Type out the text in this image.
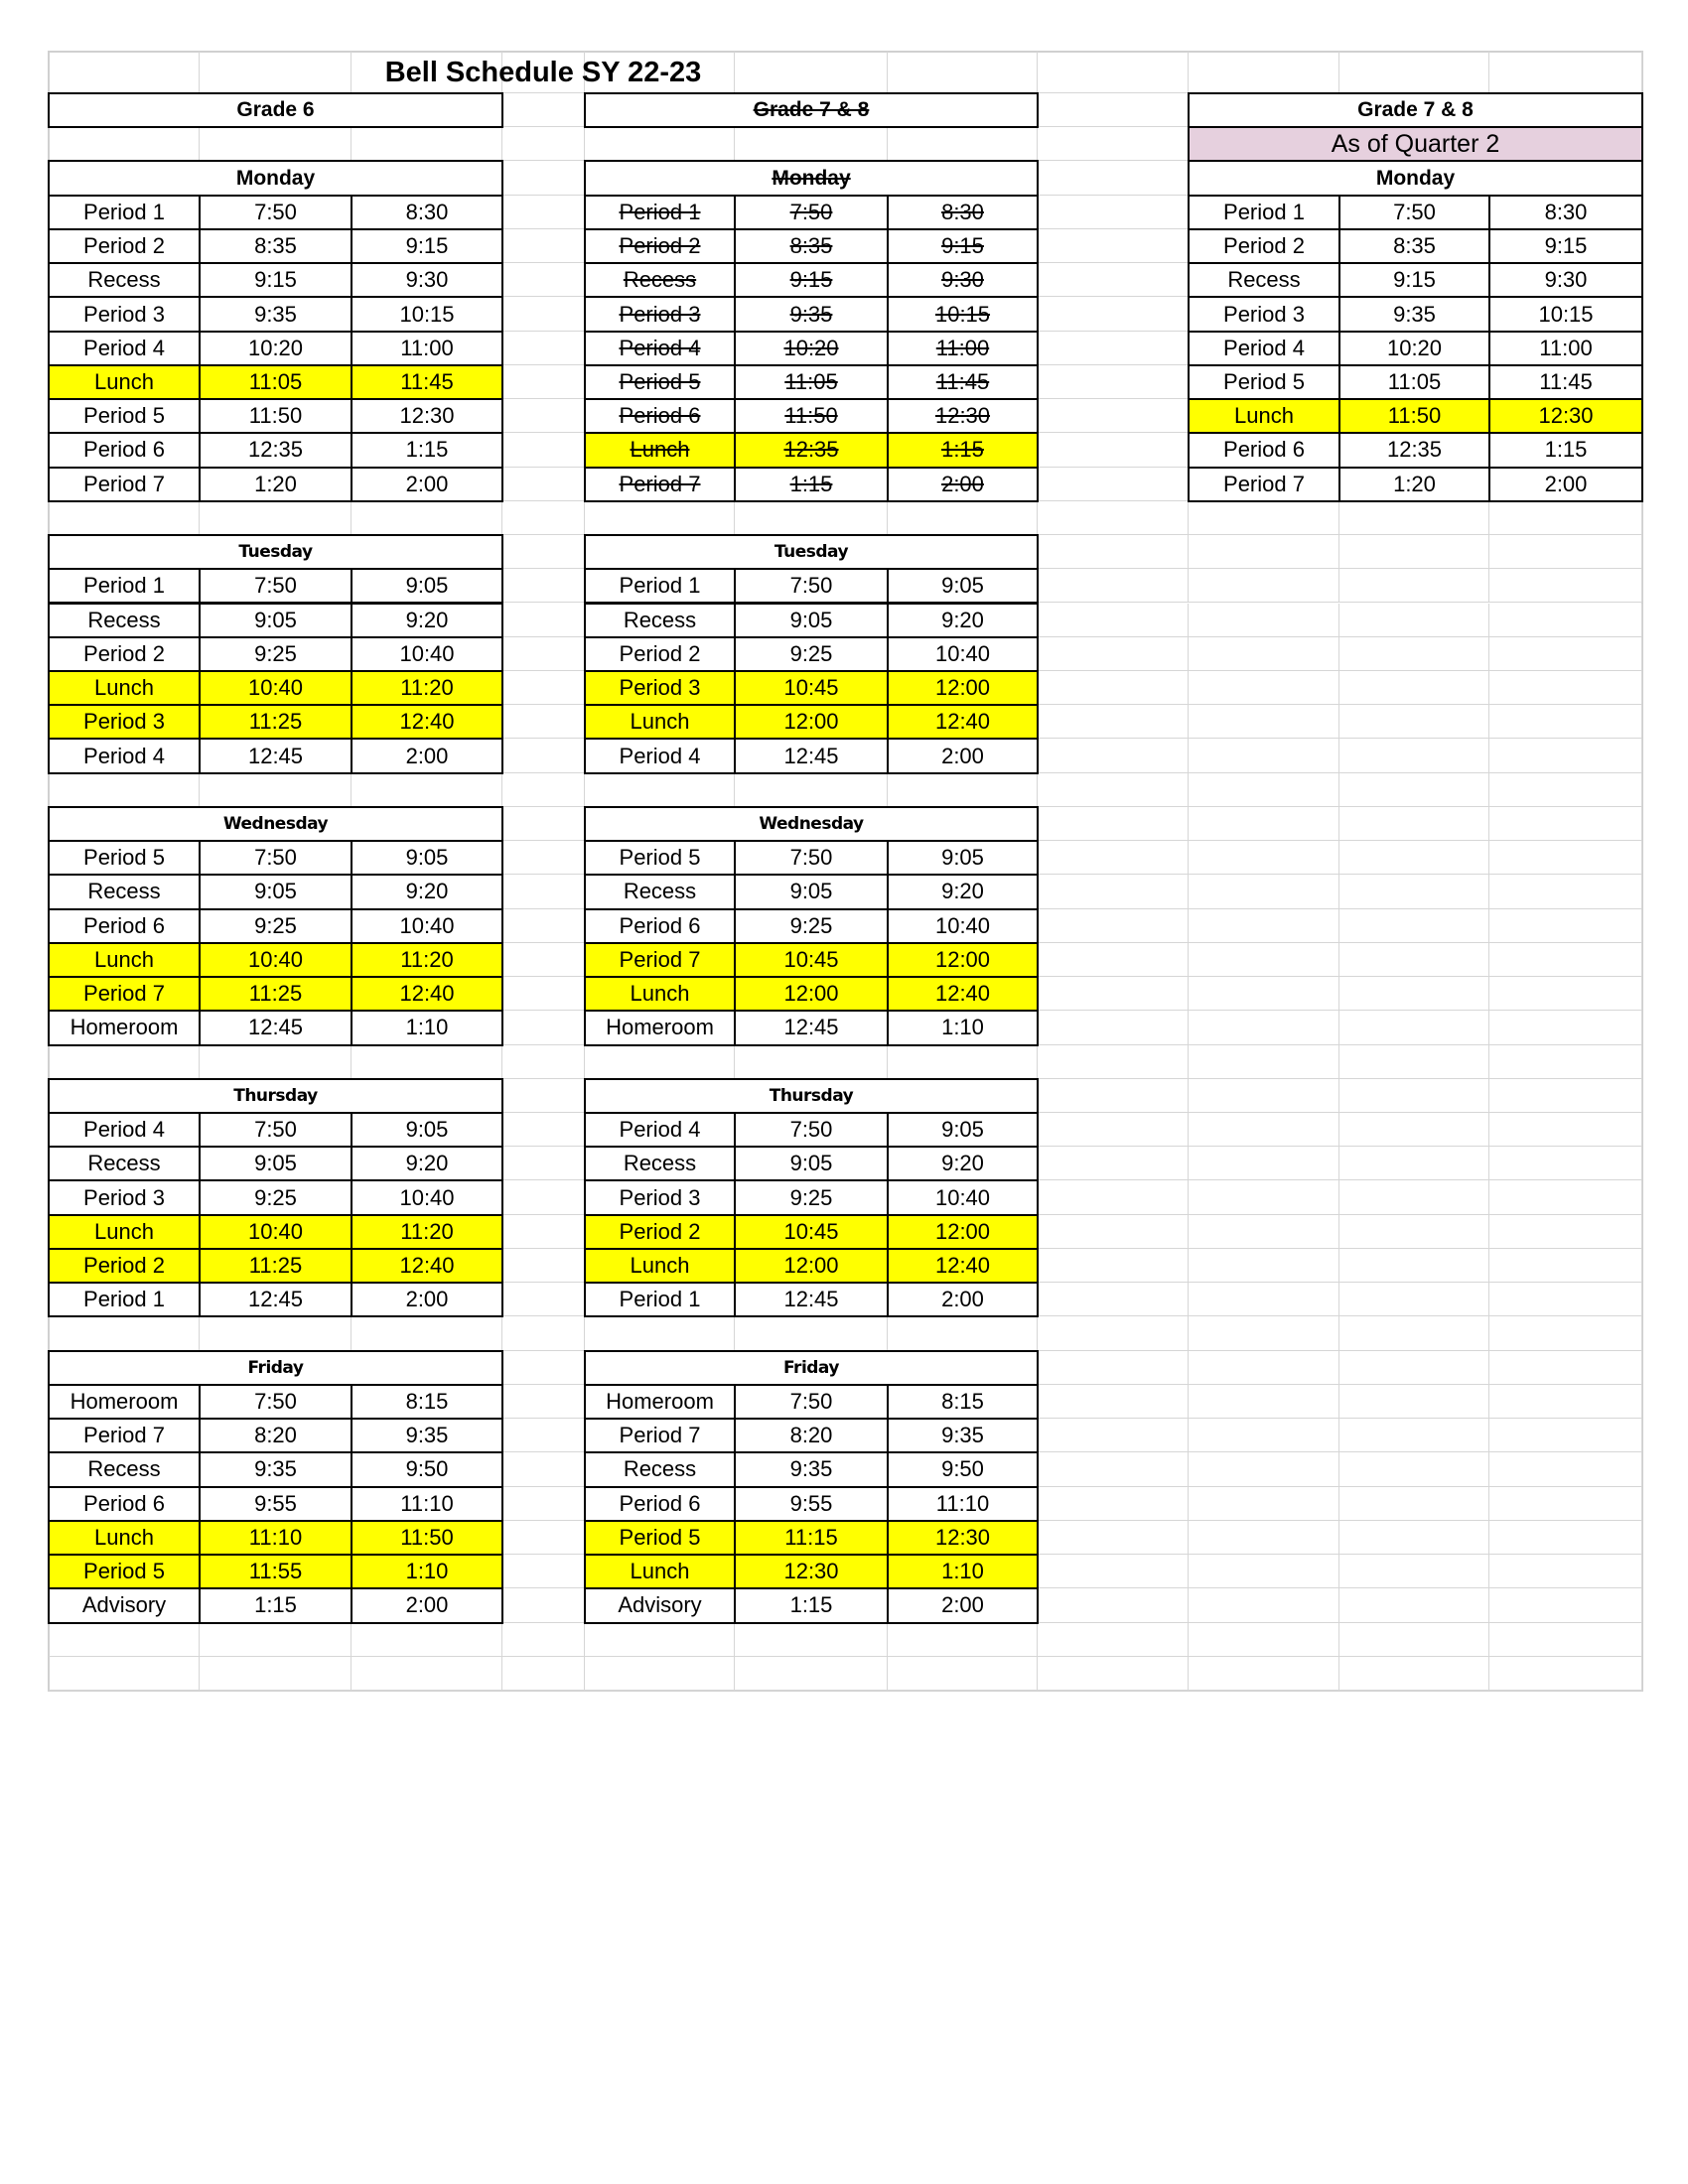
Bell Schedule SY 22-23
Grade 6
Monday
Period 1	7:50	8:30
Period 2	8:35	9:15
Recess	9:15	9:30
Period 3	9:35	10:15
Period 4	10:20	11:00
Lunch	11:05	11:45
Period 5	11:50	12:30
Period 6	12:35	1:15
Period 7	1:20	2:00
Tuesday
Period 1	7:50	9:05
Recess	9:05	9:20
Period 2	9:25	10:40
Lunch	10:40	11:20
Period 3	11:25	12:40
Period 4	12:45	2:00
Wednesday
Period 5	7:50	9:05
Recess	9:05	9:20
Period 6	9:25	10:40
Lunch	10:40	11:20
Period 7	11:25	12:40
Homeroom	12:45	1:10
Thursday
Period 4	7:50	9:05
Recess	9:05	9:20
Period 3	9:25	10:40
Lunch	10:40	11:20
Period 2	11:25	12:40
Period 1	12:45	2:00
Friday
Homeroom	7:50	8:15
Period 7	8:20	9:35
Recess	9:35	9:50
Period 6	9:55	11:10
Lunch	11:10	11:50
Period 5	11:55	1:10
Advisory	1:15	2:00
Grade 7 & 8
Monday
Period 1	7:50	8:30
Period 2	8:35	9:15
Recess	9:15	9:30
Period 3	9:35	10:15
Period 4	10:20	11:00
Period 5	11:05	11:45
Period 6	11:50	12:30
Lunch	12:35	1:15
Period 7	1:15	2:00
Tuesday
Period 1	7:50	9:05
Recess	9:05	9:20
Period 2	9:25	10:40
Period 3	10:45	12:00
Lunch	12:00	12:40
Period 4	12:45	2:00
Wednesday
Period 5	7:50	9:05
Recess	9:05	9:20
Period 6	9:25	10:40
Period 7	10:45	12:00
Lunch	12:00	12:40
Homeroom	12:45	1:10
Thursday
Period 4	7:50	9:05
Recess	9:05	9:20
Period 3	9:25	10:40
Period 2	10:45	12:00
Lunch	12:00	12:40
Period 1	12:45	2:00
Friday
Homeroom	7:50	8:15
Period 7	8:20	9:35
Recess	9:35	9:50
Period 6	9:55	11:10
Period 5	11:15	12:30
Lunch	12:30	1:10
Advisory	1:15	2:00
Grade 7 & 8
As of Quarter 2
Monday
Period 1	7:50	8:30
Period 2	8:35	9:15
Recess	9:15	9:30
Period 3	9:35	10:15
Period 4	10:20	11:00
Period 5	11:05	11:45
Lunch	11:50	12:30
Period 6	12:35	1:15
Period 7	1:20	2:00
